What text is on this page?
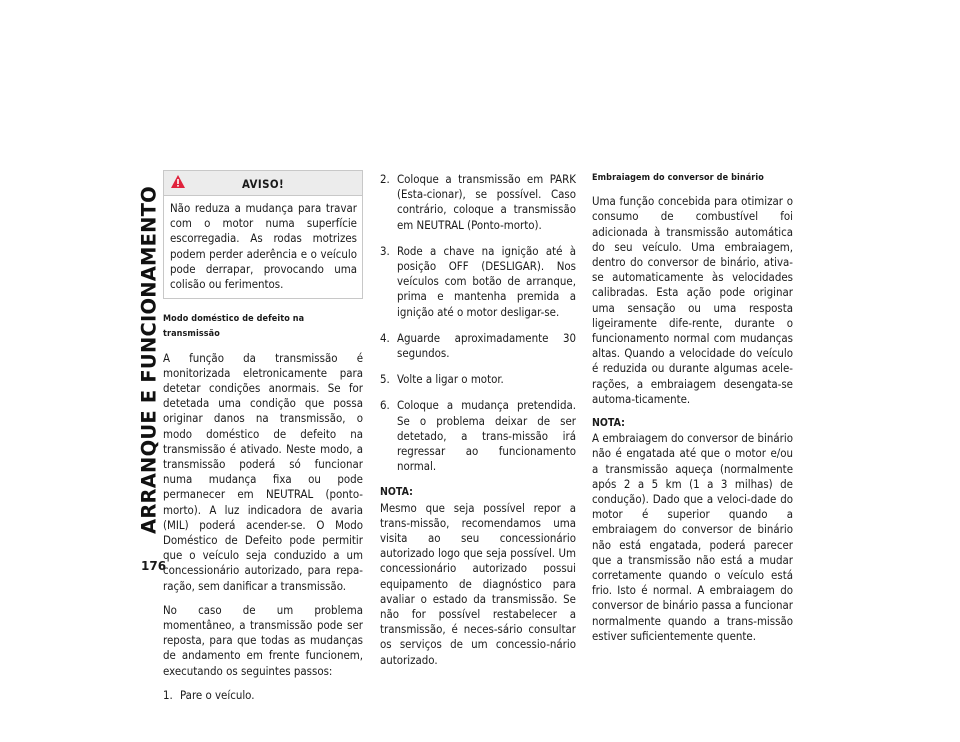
ARRANQUE E FUNCIONAMENTO
176
AVISO!

Não reduza a mudança para travar com o motor numa superfície escorregadia. As rodas motrizes podem perder aderência e o veículo pode derrapar, provocando uma colisão ou ferimentos.

Modo doméstico de defeito na transmissão

A função da transmissão é monitorizada eletronicamente para detetar condições anormais. Se for detetada uma condição que possa originar danos na transmissão, o modo doméstico de defeito na transmissão é ativado. Neste modo, a transmissão poderá só funcionar numa mudança fixa ou pode permanecer em NEUTRAL (ponto-morto). A luz indicadora de avaria (MIL) poderá acender-se. O Modo Doméstico de Defeito pode permitir que o veículo seja conduzido a um concessionário autorizado, para repa-ração, sem danificar a transmissão.

No caso de um problema momentâneo, a transmissão pode ser reposta, para que todas as mudanças de andamento em frente funcionem, executando os seguintes passos:

1. Pare o veículo.
2. Coloque a transmissão em PARK (Esta-cionar), se possível. Caso contrário, coloque a transmissão em NEUTRAL (Ponto-morto).
3. Rode a chave na ignição até à posição OFF (DESLIGAR). Nos veículos com botão de arranque, prima e mantenha premida a ignição até o motor desligar-se.
4. Aguarde aproximadamente 30 segundos.
5. Volte a ligar o motor.
6. Coloque a mudança pretendida. Se o problema deixar de ser detetado, a trans-missão irá regressar ao funcionamento normal.
NOTA:

Mesmo que seja possível repor a trans-missão, recomendamos uma visita ao seu concessionário autorizado logo que seja possível. Um concessionário autorizado possui equipamento de diagnóstico para avaliar o estado da transmissão. Se não for possível restabelecer a transmissão, é neces-sário consultar os serviços de um concessio-nário autorizado.

Embraiagem do conversor de binário

Uma função concebida para otimizar o consumo de combustível foi adicionada à transmissão automática do seu veículo. Uma embraiagem, dentro do conversor de binário, ativa-se automaticamente às velocidades calibradas. Esta ação pode originar uma sensação ou uma resposta ligeiramente dife-rente, durante o funcionamento normal com mudanças altas. Quando a velocidade do veículo é reduzida ou durante algumas acele-rações, a embraiagem desengata-se automa-ticamente.

NOTA:

A embraiagem do conversor de binário não é engatada até que o motor e/ou a transmissão aqueça (normalmente após 2 a 5 km (1 a 3 milhas) de condução). Dado que a veloci-dade do motor é superior quando a embraiagem do conversor de binário não está engatada, poderá parecer que a transmissão não está a mudar corretamente quando o veículo está frio. Isto é normal. A embraiagem do conversor de binário passa a funcionar normalmente quando a trans-missão estiver suficientemente quente.
